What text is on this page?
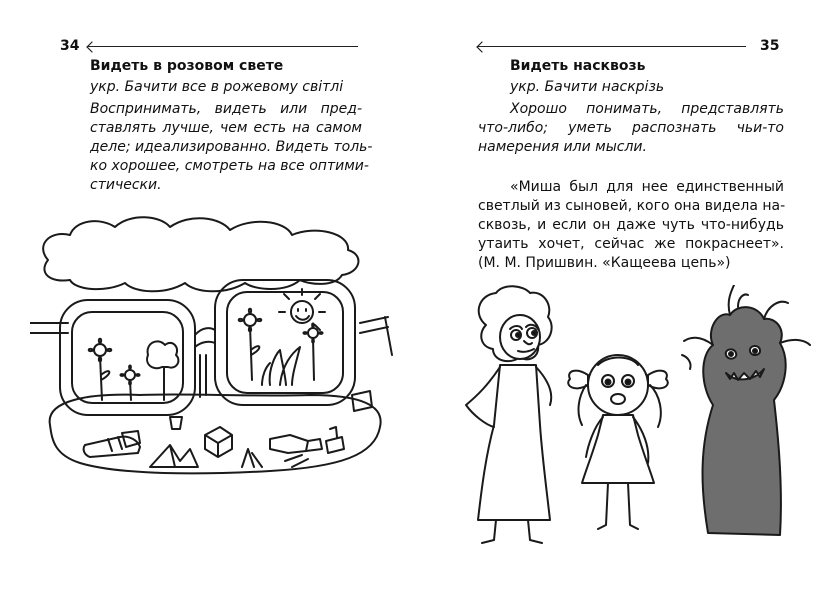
34
Видеть в розовом свете
укр. Бачити все в рожевому світлі
Воспринимать, видеть или пред-
ставлять лучше, чем есть на самом
деле; идеализированно. Видеть толь-
ко хорошее, смотреть на все оптими-
стически.
35
Видеть насквозь
укр. Бачити наскрізь
Хорошо понимать, представлять
что-либо; уметь распознать чьи-то
намерения или мысли.
«Миша был для нее единственный
светлый из сыновей, кого она видела на-
сквозь, и если он даже чуть что-нибудь
утаить хочет, сейчас же покраснеет».
(М. М. Пришвин. «Кащеева цепь»)
